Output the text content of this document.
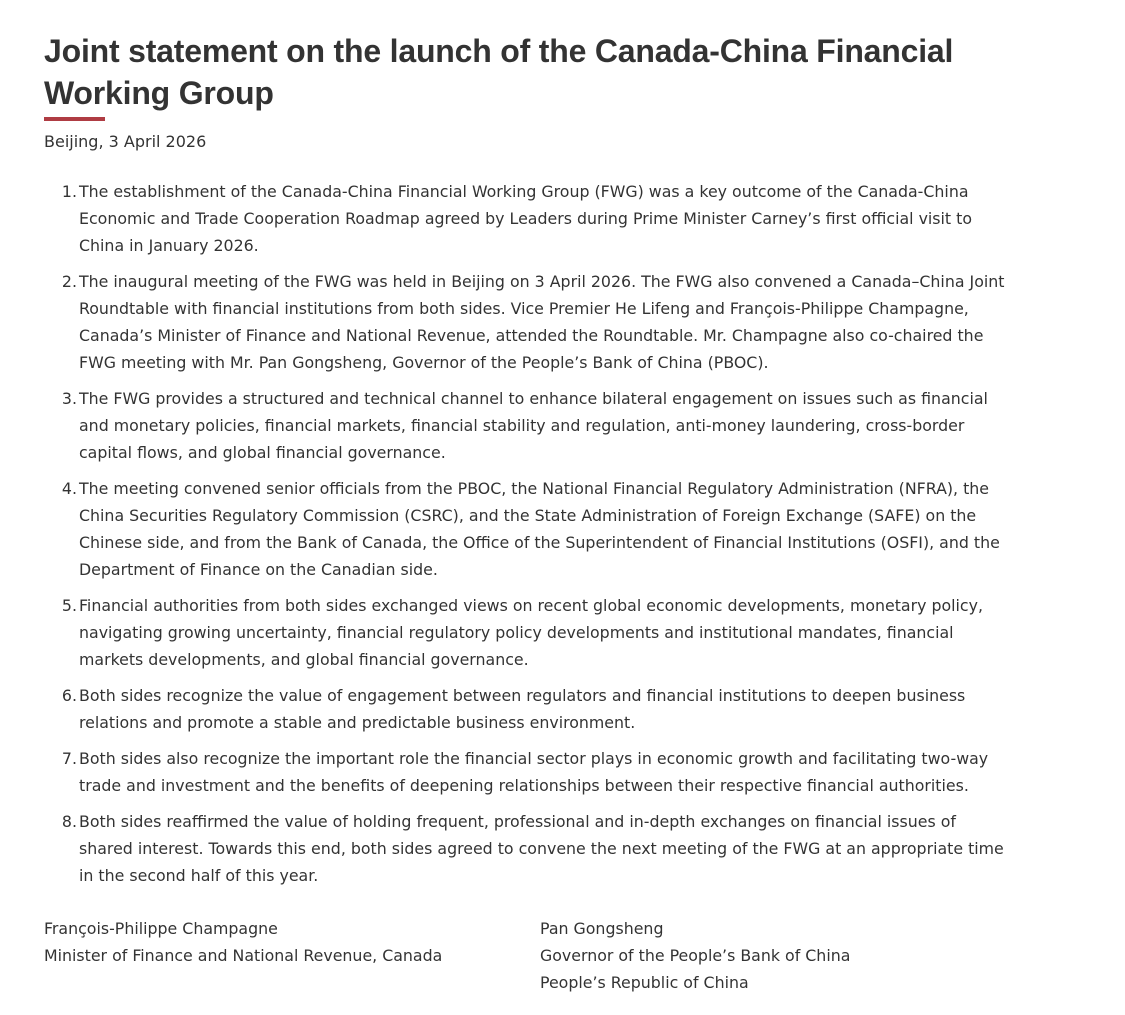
Joint statement on the launch of the Canada-China Financial Working Group
Beijing, 3 April 2026
1. The establishment of the Canada-China Financial Working Group (FWG) was a key outcome of the Canada-China Economic and Trade Cooperation Roadmap agreed by Leaders during Prime Minister Carney’s first official visit to China in January 2026.
2. The inaugural meeting of the FWG was held in Beijing on 3 April 2026. The FWG also convened a Canada–China Joint Roundtable with financial institutions from both sides. Vice Premier He Lifeng and François-Philippe Champagne, Canada’s Minister of Finance and National Revenue, attended the Roundtable. Mr. Champagne also co-chaired the FWG meeting with Mr. Pan Gongsheng, Governor of the People’s Bank of China (PBOC).
3. The FWG provides a structured and technical channel to enhance bilateral engagement on issues such as financial and monetary policies, financial markets, financial stability and regulation, anti-money laundering, cross-border capital flows, and global financial governance.
4. The meeting convened senior officials from the PBOC, the National Financial Regulatory Administration (NFRA), the China Securities Regulatory Commission (CSRC), and the State Administration of Foreign Exchange (SAFE) on the Chinese side, and from the Bank of Canada, the Office of the Superintendent of Financial Institutions (OSFI), and the Department of Finance on the Canadian side.
5. Financial authorities from both sides exchanged views on recent global economic developments, monetary policy, navigating growing uncertainty, financial regulatory policy developments and institutional mandates, financial markets developments, and global financial governance.
6. Both sides recognize the value of engagement between regulators and financial institutions to deepen business relations and promote a stable and predictable business environment.
7. Both sides also recognize the important role the financial sector plays in economic growth and facilitating two-way trade and investment and the benefits of deepening relationships between their respective financial authorities.
8. Both sides reaffirmed the value of holding frequent, professional and in-depth exchanges on financial issues of shared interest. Towards this end, both sides agreed to convene the next meeting of the FWG at an appropriate time in the second half of this year.
François-Philippe Champagne
Minister of Finance and National Revenue, Canada
Pan Gongsheng
Governor of the People’s Bank of China
People’s Republic of China
